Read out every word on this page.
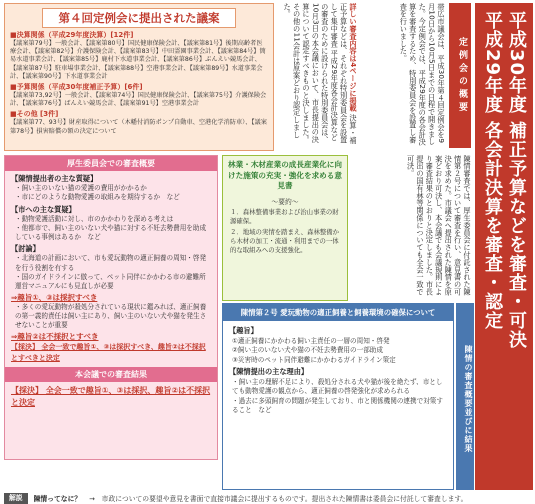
第４回定例会に提出された議案
■決算関係（平成29年度決算）[12件]
【議案第79号】一般会計、【議案第80号】国民健康保険会計、【議案第81号】後期高齢者医療会計、【議案第82号】介護保険会計、【議案第83号】中田霊園事業会計、【議案第84号】簡易水道事業会計、【議案第85号】鹿村下水道事業会計、【議案第86号】ぶんえい競馬会計、【議案第87号】駐車場事業会計、【議案第88号】空港事業会計、【議案第89号】水道事業会計、【議案第90号】下水道事業会計
■予算関係（平成30年度補正予算）[6件]
【議案第73,92号】一般会計、【議案第74号】国民健康保険会計、【議案第75号】介護保険会計、【議案第76号】ばんえい競馬会計、【議案第91号】空港事業会計
■その他 [3件]
【議案第77、93号】財産取得について（木幡付消防ポンプ自動車、空港化学消防車）、【議案第78号】損害賠償の額の決定について
詳しい審査内容は4ページに掲載 決算・補正予算などは、それぞれ特別委員会を設置して集中審査 平成29年度各会計決算などの審査のために設けられた特別委員会は、10月3日の本会議において、市長提出の決算について認定すべきものと決しました。その他の11会計は原案どおり認定しました。	帯広市議会は、平成30年第４回定例会を9月10日から10月5日までの日程で開きました。今定例会では、平成29年度の各会計決算を審査するため、特別委員会を設置し審査を行いました。
定例会の概要 平成29年度 各会計決算を審査・認定 平成30年度 補正予算などを審査・可決
厚生委員会での審査概要
【陳情提出者の主な質疑】
・飼い主のいない猫の愛護の費用がかかるか
・市にどのような動物愛護の取組みを期待するか　など
【市への主な質疑】
・動物愛護活動に対し、市のかかわりを深める考えは
・他都市で、飼い主のいない犬や猫に対する不妊去勢費用を助成している事例はあるか　など
【討論】
・北海道の計画において、市も愛玩動物の適正飼養の周知・啓発を行う役割を有する
・国のガイドラインに倣って、ペット同伴にかかわる市の避難所運営マニュアルにも見直しが必要
⇒趣旨①、③は採択すべき
・多くの愛玩動物が殺処分されている現状に鑑みれば、適正飼養の第一義的責任は飼い主にあり、飼い主のいない犬や猫を発生させないことが重要
⇒趣旨②は不採択とすべき
【採決】 全会一致で趣旨①、③は採択すべき、趣旨②は不採択とすべきと決定
本会議での審査結果
【採決】 全会一致で趣旨①、③は採択、趣旨②は不採択と決定
林業・木材産業の成長産業化に向けた施策の充実・強化を求める意見書
～要約～
１．森林整備事業および治山事業の財源確保。
２．地域の実情を踏まえ、森林整備から木材の加工・流通・利用までの一体的な取組みへの支援強化。	陳情審査では、厚生委員会に付託された陳情第２号について審査を行い、意見書の可決を求めた。市議会へ提出された陳情を原案どおり可決し、本会議でも会議規則により審査結果のとおりと決定しました。市長提出の国有林等関係についても全会一致で可決。
陳情第２号 愛玩動物の適正飼養と飼養環境の確保について
【趣旨】
①適正飼養にかかわる飼い主責任の一層の周知・啓発
②飼い主のいない犬や猫の不妊去勢費用の一部助成
③災害時のペット同伴避難にかかわるガイドライン策定
【陳情提出の主な理由】
・飼い主の理解不足により、殺処分される犬や猫が後を絶たず、市としても動物愛護の観点から、適正飼養の啓発強化が求められる
・過去に多頭飼育の問題が発生しており、市と関係機関の連携で対策すること　など	陳情の審査概要並びに結果
解説	陳情ってなに？ →　市政についての要望や意見を書面で直接市議会に提出するものです。提出された陳情書は委員会に付託して審査します。
